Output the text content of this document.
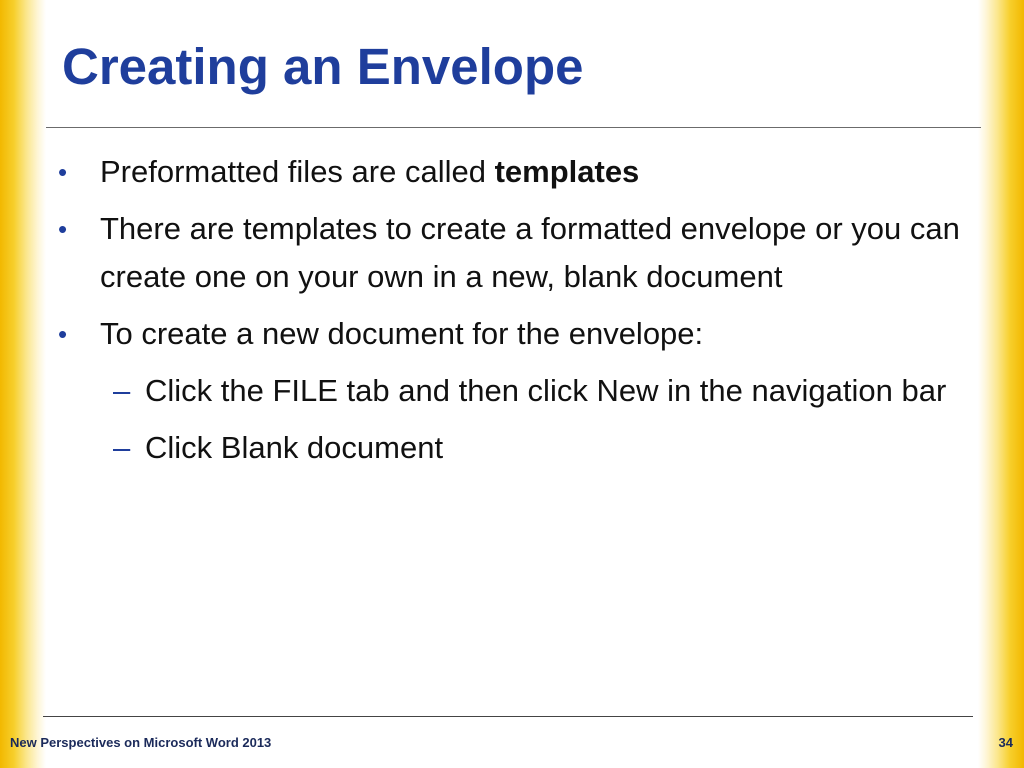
Creating an Envelope
• Preformatted files are called templates
• There are templates to create a formatted envelope or you can create one on your own in a new, blank document
• To create a new document for the envelope:
– Click the FILE tab and then click New in the navigation bar
– Click Blank document
New Perspectives on Microsoft Word 2013	34
